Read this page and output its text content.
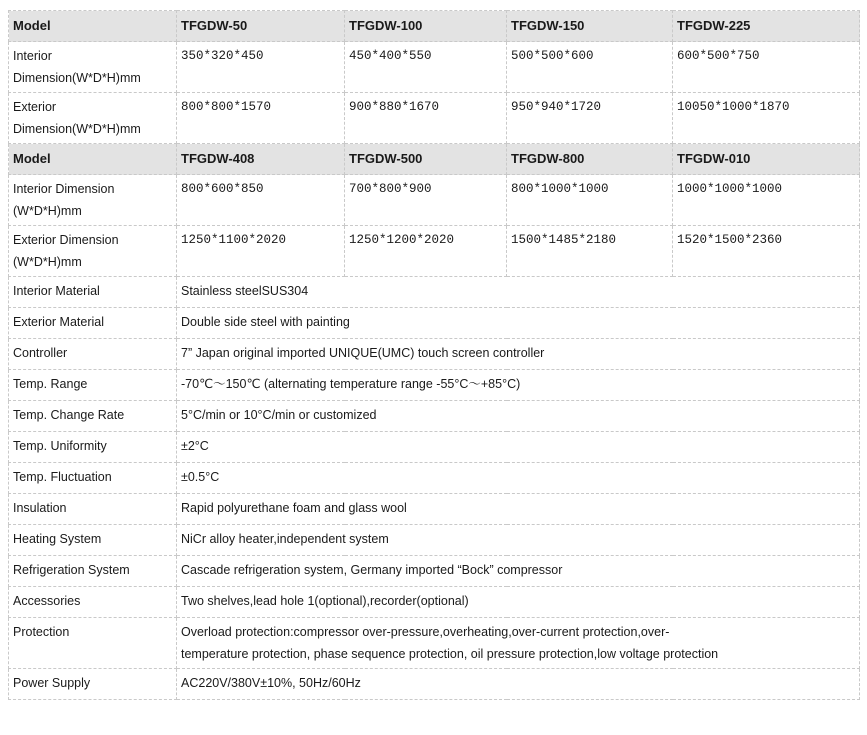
Model	TFGDW-50	TFGDW-100	TFGDW-150	TFGDW-225
Interior
Dimension(W*D*H)mm	350*320*450	450*400*550	500*500*600	600*500*750
Exterior
Dimension(W*D*H)mm	800*800*1570	900*880*1670	950*940*1720	10050*1000*1870
Model	TFGDW-408	TFGDW-500	TFGDW-800	TFGDW-010
Interior Dimension
(W*D*H)mm	800*600*850	700*800*900	800*1000*1000	1000*1000*1000
Exterior Dimension
(W*D*H)mm	1250*1100*2020	1250*1200*2020	1500*1485*2180	1520*1500*2360
Interior Material	Stainless steelSUS304			
Exterior Material	Double side steel with painting			
Controller	7” Japan original imported UNIQUE(UMC) touch screen controller			
Temp. Range	-70℃～150℃ (alternating temperature range -55°C～+85°C)			
Temp. Change Rate	5°C/min or 10°C/min or customized			
Temp. Uniformity	±2°C			
Temp. Fluctuation	±0.5°C			
Insulation	Rapid polyurethane foam and glass wool			
Heating System	NiCr alloy heater,independent system			
Refrigeration System	Cascade refrigeration system, Germany imported “Bock” compressor			
Accessories	Two shelves,lead hole 1(optional),recorder(optional)			
Protection	Overload protection:compressor over-pressure,overheating,over-current protection,over-
temperature protection, phase sequence protection, oil pressure protection,low voltage protection			
Power Supply	AC220V/380V±10%, 50Hz/60Hz			
